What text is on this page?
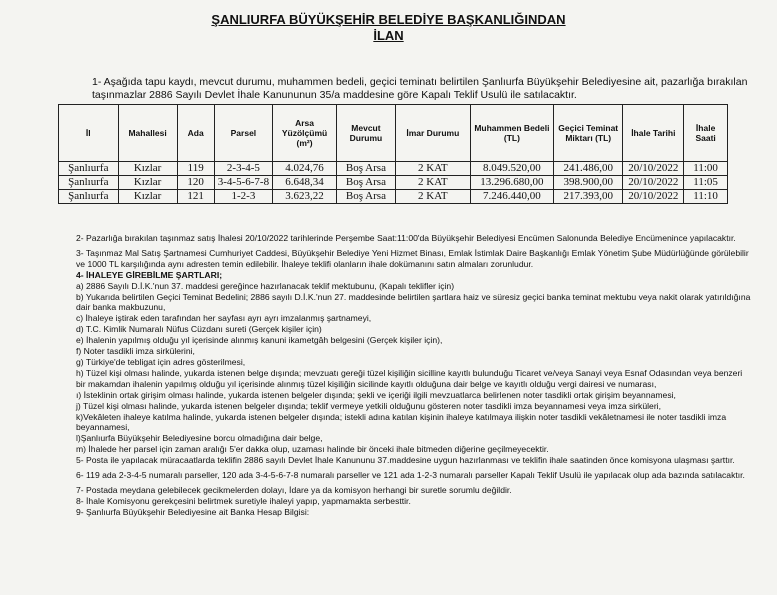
ŞANLIURFA BÜYÜKŞEHİR BELEDİYE BAŞKANLIĞINDAN
İLAN
1- Aşağıda tapu kaydı, mevcut durumu, muhammen bedeli, geçici teminatı belirtilen Şanlıurfa Büyükşehir Belediyesine ait, pazarlığa bırakılan taşınmazlar 2886 Sayılı Devlet İhale Kanununun 35/a maddesine göre Kapalı Teklif Usulü ile satılacaktır.
İl	Mahallesi	Ada	Parsel	Arsa Yüzölçümü (m²)	Mevcut Durumu	İmar Durumu	Muhammen Bedeli (TL)	Geçici Teminat Miktarı (TL)	İhale Tarihi	İhale Saati
Şanlıurfa	Kızlar	119	2-3-4-5	4.024,76	Boş Arsa	2 KAT	8.049.520,00	241.486,00	20/10/2022	11:00
Şanlıurfa	Kızlar	120	3-4-5-6-7-8	6.648,34	Boş Arsa	2 KAT	13.296.680,00	398.900,00	20/10/2022	11:05
Şanlıurfa	Kızlar	121	1-2-3	3.623,22	Boş Arsa	2 KAT	7.246.440,00	217.393,00	20/10/2022	11:10

2- Pazarlığa bırakılan taşınmaz satış İhalesi 20/10/2022 tarihlerinde Perşembe Saat:11:00'da Büyükşehir Belediyesi Encümen Salonunda Belediye Encümenince yapılacaktır.

3- Taşınmaz Mal Satış Şartnamesi Cumhuriyet Caddesi, Büyükşehir Belediye Yeni Hizmet Binası, Emlak İstimlak Daire Başkanlığı Emlak Yönetim Şube Müdürlüğünde görülebilir ve 1000 TL karşılığında aynı adresten temin edilebilir. İhaleye teklifi olanların ihale dokümanını satın almaları zorunludur.

4- İHALEYE GİREBİLME ŞARTLARI;

a) 2886 Sayılı D.İ.K.'nun 37. maddesi gereğince hazırlanacak teklif mektubunu, (Kapalı teklifler için)

b) Yukarıda belirtilen Geçici Teminat Bedelini; 2886 sayılı D.İ.K.'nun 27. maddesinde belirtilen şartlara haiz ve süresiz geçici banka teminat mektubu veya nakit olarak yatırıldığına dair banka makbuzunu,

c) İhaleye iştirak eden tarafından her sayfası ayrı ayrı imzalanmış şartnameyi,

d) T.C. Kimlik Numaralı Nüfus Cüzdanı sureti (Gerçek kişiler için)

e) İhalenin yapılmış olduğu yıl içerisinde alınmış kanuni ikametgâh belgesini (Gerçek kişiler için),

f) Noter tasdikli imza sirkülerini,

g) Türkiye'de tebligat için adres gösterilmesi,

h) Tüzel kişi olması halinde, yukarda istenen belge dışında; mevzuatı gereği tüzel kişiliğin sicilline kayıtlı bulunduğu Ticaret ve/veya Sanayi veya Esnaf Odasından veya benzeri bir makamdan ihalenin yapılmış olduğu yıl içerisinde alınmış tüzel kişiliğin sicilinde kayıtlı olduğuna dair belge ve kayıtlı olduğu vergi dairesi ve numarası,

ı) İsteklinin ortak girişim olması halinde, yukarda istenen belgeler dışında; şekli ve içeriği ilgili mevzuatlarca belirlenen noter tasdikli ortak girişim beyannamesi,

j) Tüzel kişi olması halinde, yukarda istenen belgeler dışında; teklif vermeye yetkili olduğunu gösteren noter tasdikli imza beyannamesi veya imza sirküleri,

k)Vekâleten ihaleye katılma halinde, yukarda istenen belgeler dışında; istekli adına katılan kişinin ihaleye katılmaya ilişkin noter tasdikli vekâletnamesi ile noter tasdikli imza beyannamesi,

l)Şanlıurfa Büyükşehir Belediyesine borcu olmadığına dair belge,

m) İhalede her parsel için zaman aralığı 5'er dakka olup, uzaması halinde bir önceki ihale bitmeden diğerine geçilmeyecektir.

5- Posta ile yapılacak müracaatlarda teklifin 2886 sayılı Devlet İhale Kanununu 37.maddesine uygun hazırlanması ve teklifin ihale saatinden önce komisyona ulaşması şarttır.

6- 119 ada 2-3-4-5 numaralı parseller, 120 ada 3-4-5-6-7-8 numaralı parseller ve 121 ada 1-2-3 numaralı parseller Kapalı Teklif Usulü ile yapılacak olup ada bazında satılacaktır.

7- Postada meydana gelebilecek gecikmelerden dolayı, İdare ya da komisyon herhangi bir suretle sorumlu değildir.

8- İhale Komisyonu gerekçesini belirtmek suretiyle ihaleyi yapıp, yapmamakta serbesttir.

9- Şanlıurfa Büyükşehir Belediyesine ait Banka Hesap Bilgisi:
